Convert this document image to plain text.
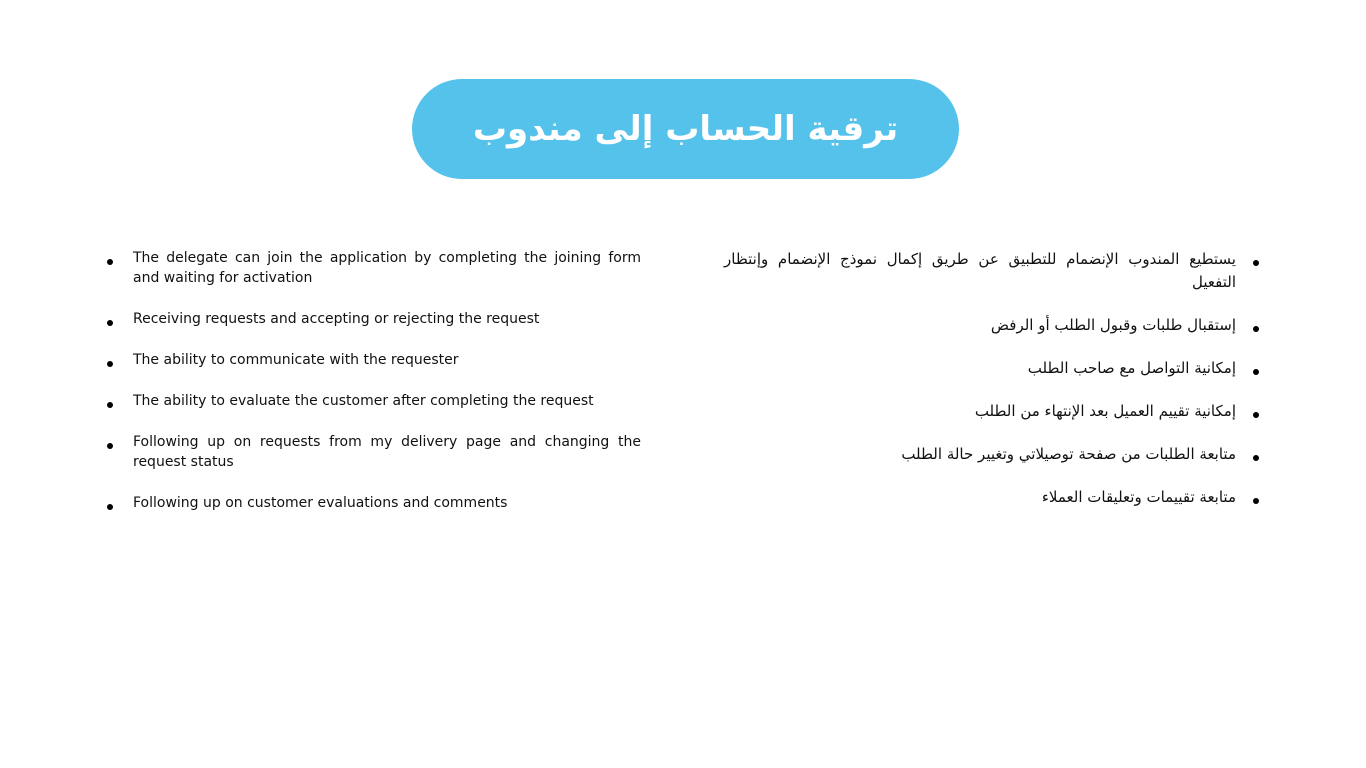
ترقية الحساب إلى مندوب
The delegate can join the application by completing the joining form and waiting for activation
Receiving requests and accepting or rejecting the request
The ability to communicate with the requester
The ability to evaluate the customer after completing the request
Following up on requests from my delivery page and changing the request status
Following up on customer evaluations and comments
يستطيع المندوب الإنضمام للتطبيق عن طريق إكمال نموذج الإنضمام وإنتظار التفعيل
إستقبال طلبات وقبول الطلب أو الرفض
إمكانية التواصل مع صاحب الطلب
إمكانية تقييم العميل بعد الإنتهاء من الطلب
متابعة الطلبات من صفحة توصيلاتي وتغيير حالة الطلب
متابعة تقييمات وتعليقات العملاء
